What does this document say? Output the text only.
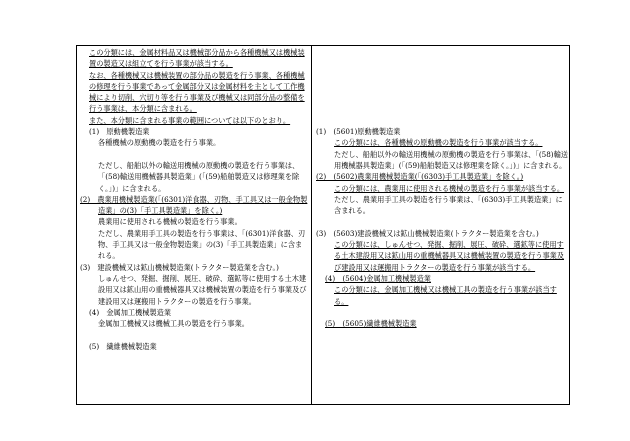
この分類には、金属材料品又は機械部分品から各種機械又は機械装置の製造又は組立てを行う事業が該当する。

なお、各種機械又は機械装置の部分品の製造を行う事業、各種機械の修理を行う事業であって金属部分又は金属材料を主として工作機械により切削、穴切り等を行う事業及び機械又は同部分品の整備を行う事業は、本分類に含まれる。

また、本分類に含まれる事業の範囲については以下のとおり。

(1)　原動機製造業

各種機械の原動機の製造を行う事業。

ただし、船舶以外の輸送用機械の原動機の製造を行う事業は、「(58)輸送用機械器具製造業」(「(59)船舶製造又は修理業を除く。」)」に含まれる。

(2)　農業用機械製造業(「(6301)洋食器、刃物、手工具又は一般金物製造業」の(3)「手工具製造業」を除く。)

農業用に使用される機械の製造を行う事業。

ただし、農業用手工具の製造を行う事業は、「(6301)洋食器、刃物、手工具又は一般金物製造業」の(3)「手工具製造業」に含まれる。

(3)　建設機械又は鉱山機械製造業(トラクター製造業を含む。)

しゅんせつ、発掘、掘削、展圧、破砕、選鉱等に使用する土木建設用又は鉱山用の重機械器具又は機械装置の製造を行う事業及び建設用又は運搬用トラクターの製造を行う事業。

(4)　金属加工機械製造業

金属加工機械又は機械工具の製造を行う事業。

(5)　繊維機械製造業

(1)　(5601)原動機製造業

この分類には、各種機械の原動機の製造を行う事業が該当する。

ただし、船舶以外の輸送用機械の原動機の製造を行う事業は、「(58)輸送用機械器具製造業」(「(59)船舶製造又は修理業を除く。」)」に含まれる。

(2)　(5602)農業用機械製造業(「(6303)手工具製造業」を除く。)

この分類には、農業用に使用される機械の製造を行う事業が該当する。

ただし、農業用手工具の製造を行う事業は、「(6303)手工具製造業」に含まれる。

(3)　(5603)建設機械又は鉱山機械製造業(トラクター製造業を含む。)

この分類には、しゅんせつ、発掘、掘削、展圧、破砕、選鉱等に使用する土木建設用又は鉱山用の重機械器具又は機械装置の製造を行う事業及び建設用又は運搬用トラクターの製造を行う事業が該当する。

(4)　(5604)金属加工機械製造業

この分類には、金属加工機械又は機械工具の製造を行う事業が該当する。

(5)　(5605)繊維機械製造業
